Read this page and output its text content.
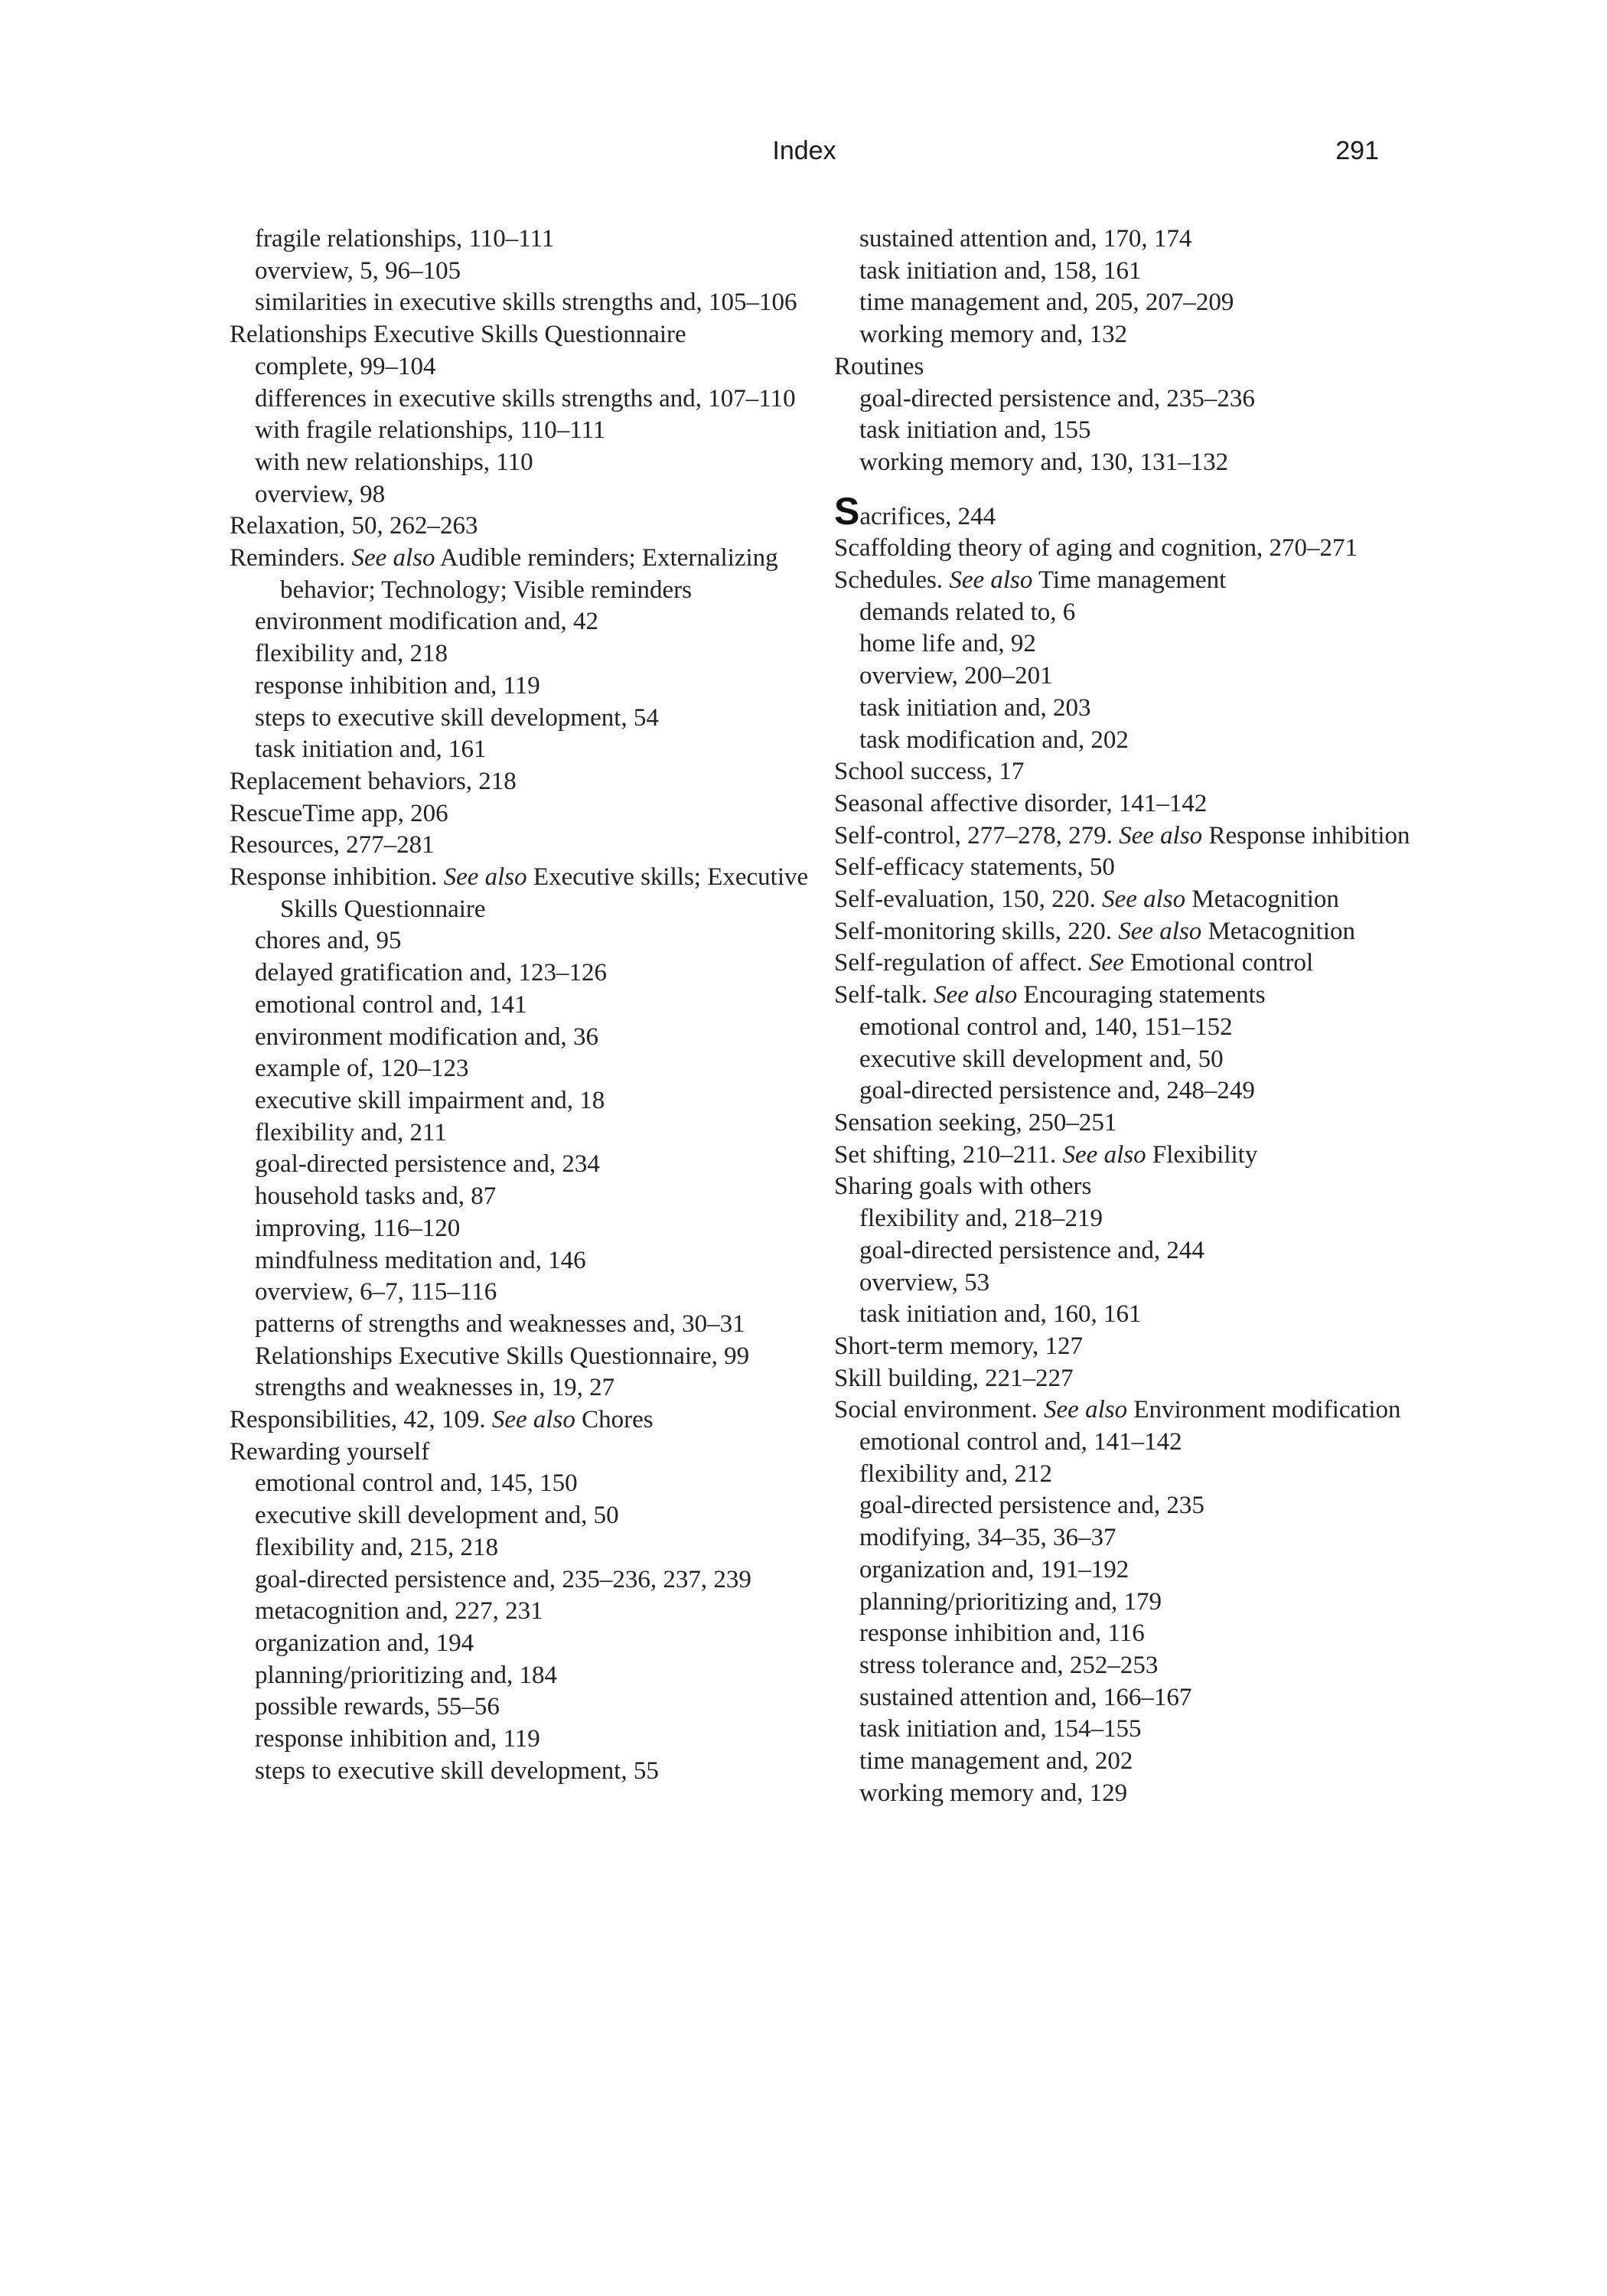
Index	291
fragile relationships, 110–111
overview, 5, 96–105
similarities in executive skills strengths and, 105–106
Relationships Executive Skills Questionnaire
complete, 99–104
differences in executive skills strengths and, 107–110
with fragile relationships, 110–111
with new relationships, 110
overview, 98
Relaxation, 50, 262–263
Reminders. See also Audible reminders; Externalizing behavior; Technology; Visible reminders
environment modification and, 42
flexibility and, 218
response inhibition and, 119
steps to executive skill development, 54
task initiation and, 161
Replacement behaviors, 218
RescueTime app, 206
Resources, 277–281
Response inhibition. See also Executive skills; Executive Skills Questionnaire
chores and, 95
delayed gratification and, 123–126
emotional control and, 141
environment modification and, 36
example of, 120–123
executive skill impairment and, 18
flexibility and, 211
goal-directed persistence and, 234
household tasks and, 87
improving, 116–120
mindfulness meditation and, 146
overview, 6–7, 115–116
patterns of strengths and weaknesses and, 30–31
Relationships Executive Skills Questionnaire, 99
strengths and weaknesses in, 19, 27
Responsibilities, 42, 109. See also Chores
Rewarding yourself
emotional control and, 145, 150
executive skill development and, 50
flexibility and, 215, 218
goal-directed persistence and, 235–236, 237, 239
metacognition and, 227, 231
organization and, 194
planning/prioritizing and, 184
possible rewards, 55–56
response inhibition and, 119
steps to executive skill development, 55
sustained attention and, 170, 174
task initiation and, 158, 161
time management and, 205, 207–209
working memory and, 132
Routines
goal-directed persistence and, 235–236
task initiation and, 155
working memory and, 130, 131–132
Sacrifices, 244
Scaffolding theory of aging and cognition, 270–271
Schedules. See also Time management
demands related to, 6
home life and, 92
overview, 200–201
task initiation and, 203
task modification and, 202
School success, 17
Seasonal affective disorder, 141–142
Self-control, 277–278, 279. See also Response inhibition
Self-efficacy statements, 50
Self-evaluation, 150, 220. See also Metacognition
Self-monitoring skills, 220. See also Metacognition
Self-regulation of affect. See Emotional control
Self-talk. See also Encouraging statements
emotional control and, 140, 151–152
executive skill development and, 50
goal-directed persistence and, 248–249
Sensation seeking, 250–251
Set shifting, 210–211. See also Flexibility
Sharing goals with others
flexibility and, 218–219
goal-directed persistence and, 244
overview, 53
task initiation and, 160, 161
Short-term memory, 127
Skill building, 221–227
Social environment. See also Environment modification
emotional control and, 141–142
flexibility and, 212
goal-directed persistence and, 235
modifying, 34–35, 36–37
organization and, 191–192
planning/prioritizing and, 179
response inhibition and, 116
stress tolerance and, 252–253
sustained attention and, 166–167
task initiation and, 154–155
time management and, 202
working memory and, 129
